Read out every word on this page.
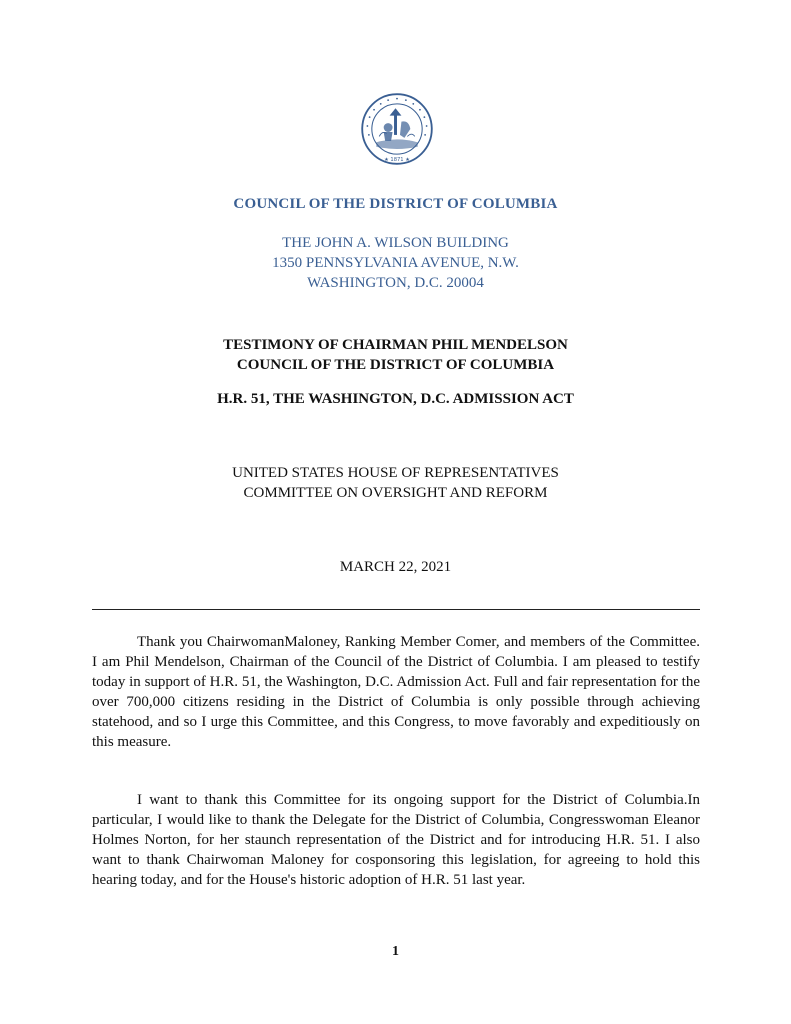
★ 1871 ★
COUNCIL OF THE DISTRICT OF COLUMBIA
THE JOHN A. WILSON BUILDING
1350 PENNSYLVANIA AVENUE, N.W.
WASHINGTON, D.C. 20004
TESTIMONY OF CHAIRMAN PHIL MENDELSON
COUNCIL OF THE DISTRICT OF COLUMBIA
H.R. 51, THE WASHINGTON, D.C. ADMISSION ACT
UNITED STATES HOUSE OF REPRESENTATIVES
COMMITTEE ON OVERSIGHT AND REFORM
MARCH 22, 2021
Thank you ChairwomanMaloney, Ranking Member Comer, and members of the Committee. I am Phil Mendelson, Chairman of the Council of the District of Columbia. I am pleased to testify today in support of H.R. 51, the Washington, D.C. Admission Act. Full and fair representation for the over 700,000 citizens residing in the District of Columbia is only possible through achieving statehood, and so I urge this Committee, and this Congress, to move favorably and expeditiously on this measure.
I want to thank this Committee for its ongoing support for the District of Columbia.In particular, I would like to thank the Delegate for the District of Columbia, Congresswoman Eleanor Holmes Norton, for her staunch representation of the District and for introducing H.R. 51. I also want to thank Chairwoman Maloney for cosponsoring this legislation, for agreeing to hold this hearing today, and for the House's historic adoption of H.R. 51 last year.
1
